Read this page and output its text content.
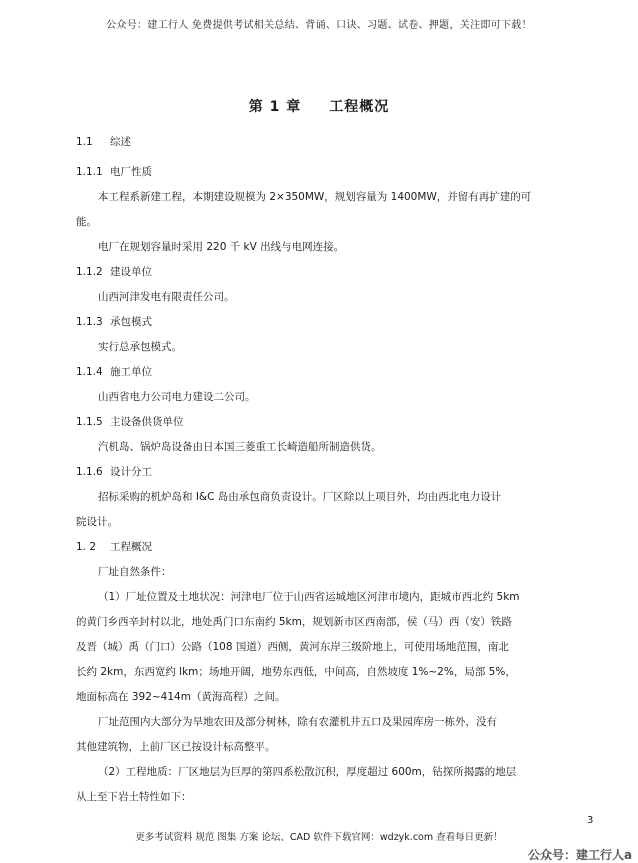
公众号：建工行人 免费提供考试相关总结、背诵、口诀、习题、试卷、押题，关注即可下载！
第 1 章 工程概况
1.1 综述
1.1.1 电厂性质
本工程系新建工程，本期建设规模为 2×350MW，规划容量为 1400MW，并留有再扩建的可
能。
电厂在规划容量时采用 220 千 kV 出线与电网连接。
1.1.2 建设单位
山西河津发电有限责任公司。
1.1.3 承包模式
实行总承包模式。
1.1.4 施工单位
山西省电力公司电力建设二公司。
1.1.5 主设备供货单位
汽机岛、锅炉岛设备由日本国三菱重工长崎造船所制造供货。
1.1.6 设计分工
招标采购的机炉岛和 I&C 岛由承包商负责设计。厂区除以上项目外，均由西北电力设计
院设计。
1. 2 工程概况
厂址自然条件：
（1）厂址位置及土地状况：河津电厂位于山西省运城地区河津市境内，距城市西北约 5km
的黄门乡西辛封村以北，地处禹门口东南约 5km，规划新市区西南部，侯（马）西（安）铁路
及晋（城）禹（门口）公路（108 国道）西侧，黄河东岸三级阶地上，可使用场地范围，南北
长约 2km，东西宽约 lkm；场地开阔，地势东西低，中间高，自然坡度 1%~2%，局部 5%，
地面标高在 392~414m（黄海高程）之间。
厂址范围内大部分为旱地农田及部分树林，除有农灌机井五口及果园库房一栋外，没有
其他建筑物，上前厂区已按设计标高整平。
（2）工程地质：厂区地层为巨厚的第四系松散沉积，厚度超过 600m，钻探所揭露的地层
从上至下岩土特性如下：
3
更多考试资料 规范 图集 方案 论坛、CAD 软件下载官网：wdzyk.com 查看每日更新！
公众号：建工行人a
